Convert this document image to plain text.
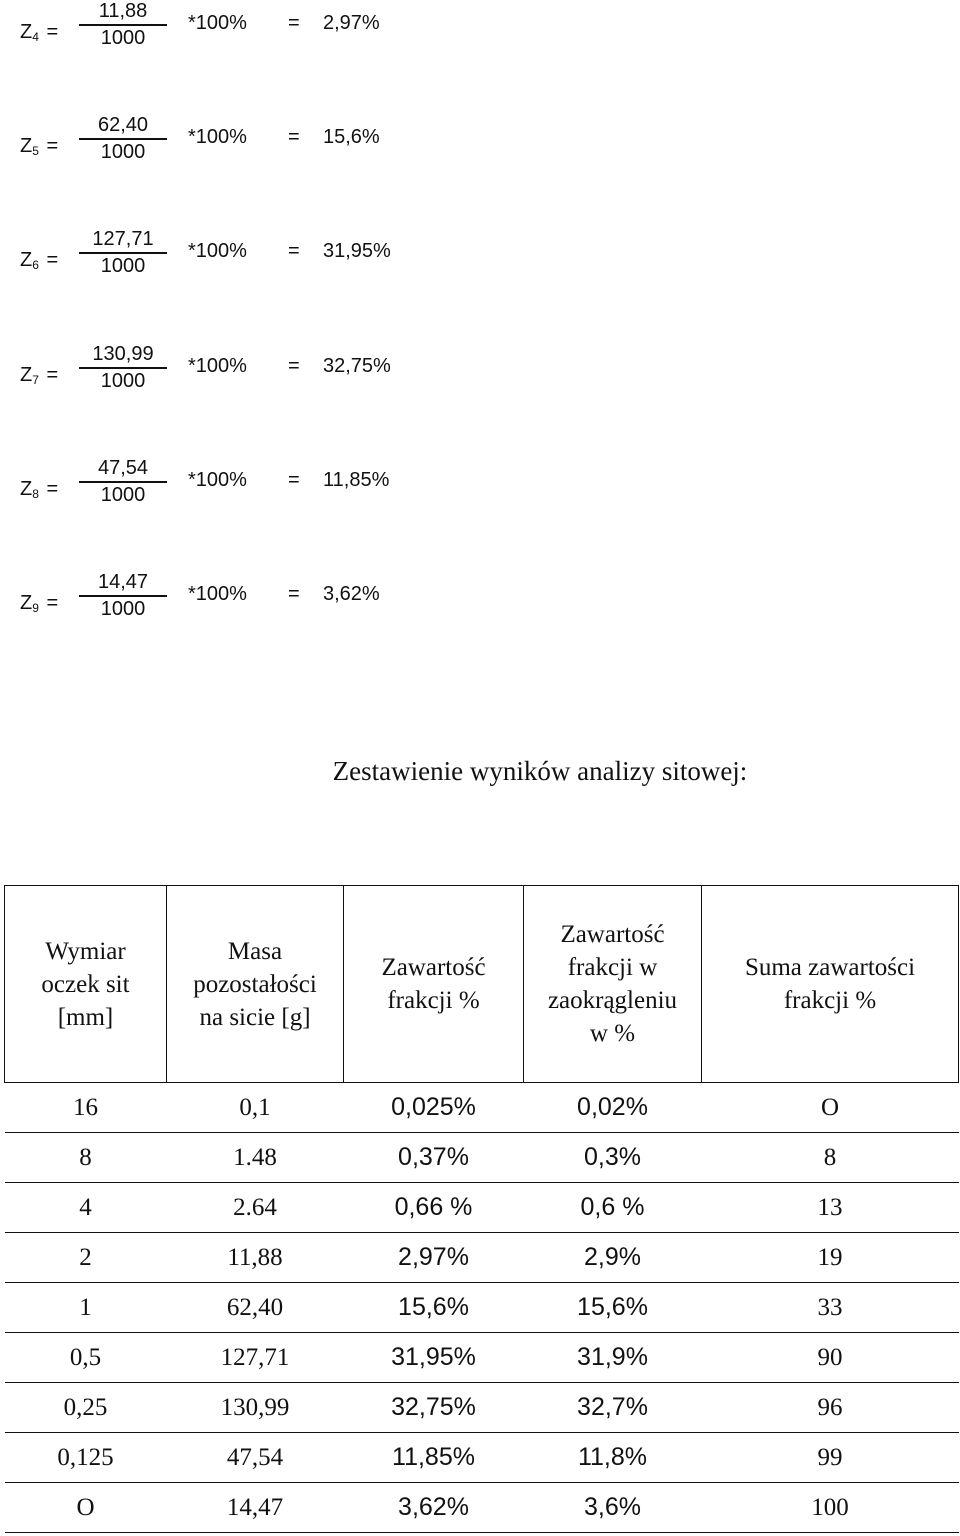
$Z_4$ =
11,88
1000
*100% = 2,97%
$Z_5$ =
62,40
1000
*100% = 15,6%
$Z_6$ =
127,71
1000
*100% = 31,95%
$Z_7$ =
130,99
1000
*100% = 32,75%
$Z_8$ =
47,54
1000
*100% = 11,85%
$Z_9$ =
14,47
1000
*100% = 3,62%
Zestawienie wyników analizy sitowej:
Wymiar
oczek sit
[mm]	Masa
pozostałości
na sicie [g]	Zawartość
frakcji %	Zawartość
frakcji w
zaokrągleniu
w %	Suma zawartości
frakcji %
16	0,1	0,025%	0,02%	O
8	1.48	0,37%	0,3%	8
4	2.64	0,66 %	0,6 %	13
2	11,88	2,97%	2,9%	19
1	62,40	15,6%	15,6%	33
0,5	127,71	31,95%	31,9%	90
0,25	130,99	32,75%	32,7%	96
0,125	47,54	11,85%	11,8%	99
O	14,47	3,62%	3,6%	100
